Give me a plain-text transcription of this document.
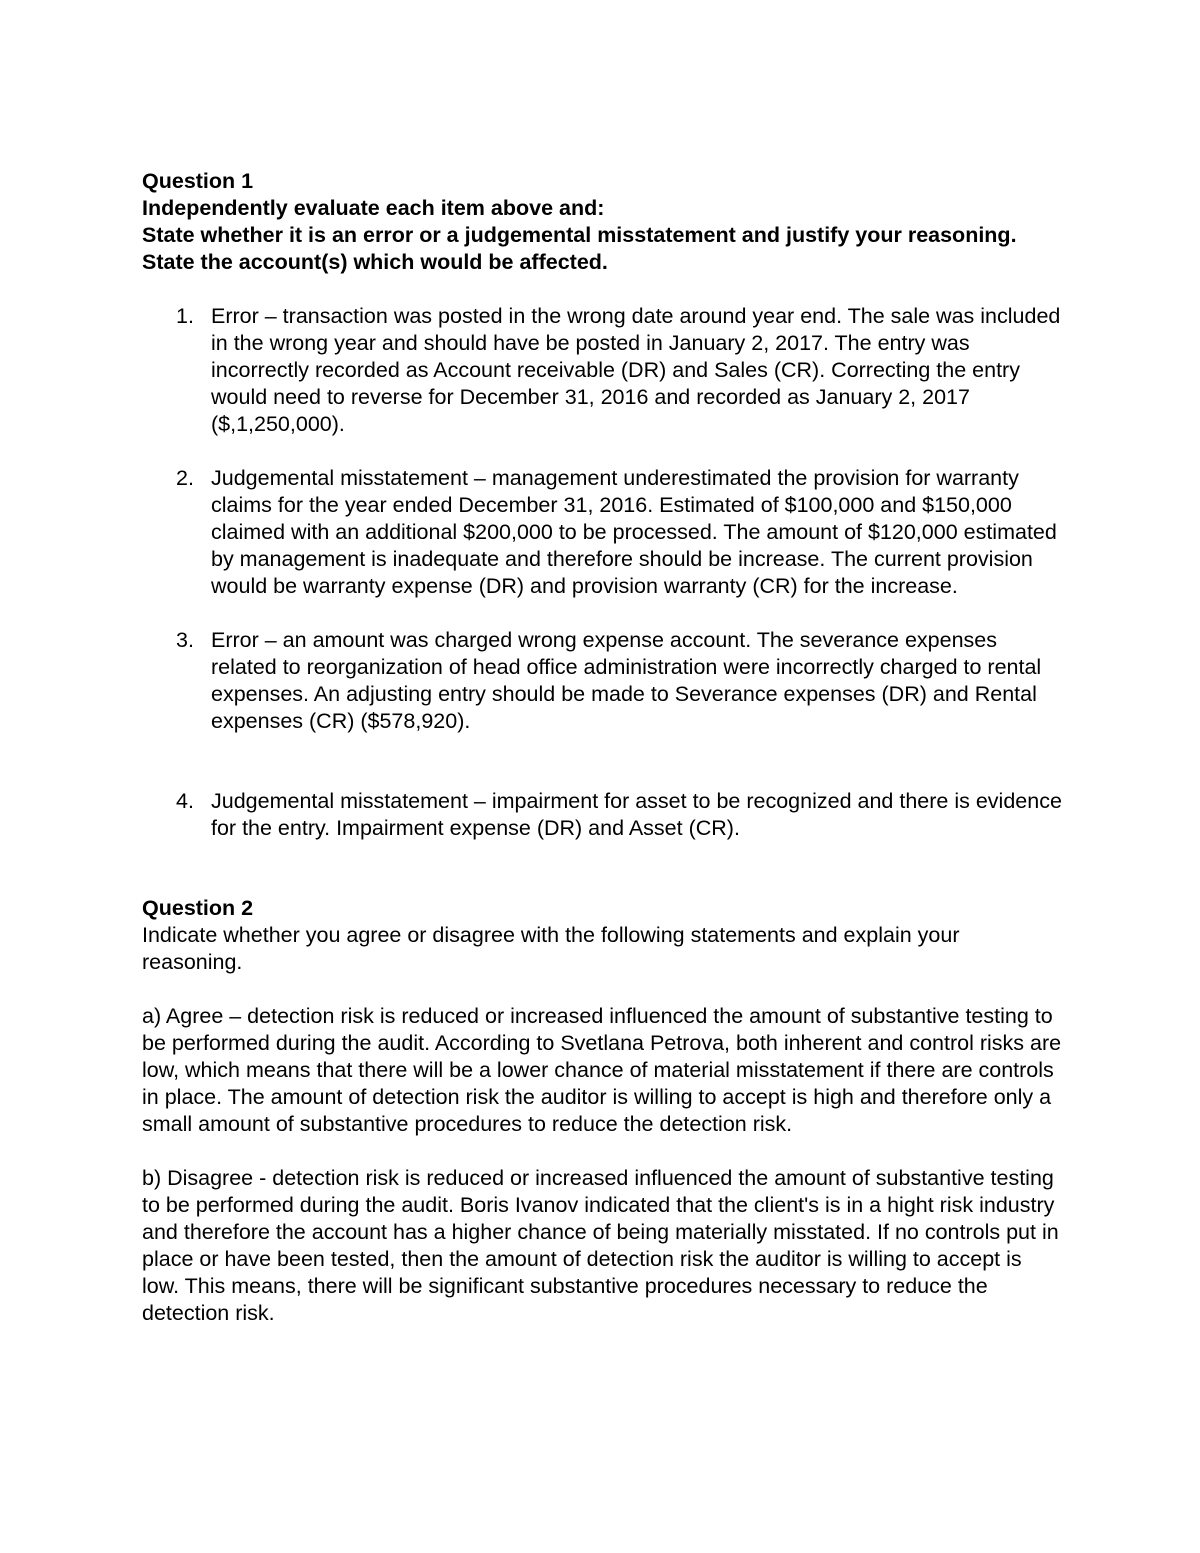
Question 1

Independently evaluate each item above and:

State whether it is an error or a judgemental misstatement and justify your reasoning. State the account(s) which would be affected.

1. Error – transaction was posted in the wrong date around year end. The sale was included in the wrong year and should have be posted in January 2, 2017. The entry was incorrectly recorded as Account receivable (DR) and Sales (CR). Correcting the entry would need to reverse for December 31, 2016 and recorded as January 2, 2017 ($,1,250,000).
2. Judgemental misstatement – management underestimated the provision for warranty claims for the year ended December 31, 2016. Estimated of $100,000 and $150,000 claimed with an additional $200,000 to be processed. The amount of $120,000 estimated by management is inadequate and therefore should be increase. The current provision would be warranty expense (DR) and provision warranty (CR) for the increase.
3. Error – an amount was charged wrong expense account. The severance expenses related to reorganization of head office administration were incorrectly charged to rental expenses. An adjusting entry should be made to Severance expenses (DR) and Rental expenses (CR) ($578,920).
4. Judgemental misstatement – impairment for asset to be recognized and there is evidence for the entry. Impairment expense (DR) and Asset (CR).

Question 2

Indicate whether you agree or disagree with the following statements and explain your reasoning.

a) Agree – detection risk is reduced or increased influenced the amount of substantive testing to be performed during the audit. According to Svetlana Petrova, both inherent and control risks are low, which means that there will be a lower chance of material misstatement if there are controls in place. The amount of detection risk the auditor is willing to accept is high and therefore only a small amount of substantive procedures to reduce the detection risk.

b) Disagree - detection risk is reduced or increased influenced the amount of substantive testing to be performed during the audit. Boris Ivanov indicated that the client's is in a hight risk industry and therefore the account has a higher chance of being materially misstated. If no controls put in place or have been tested, then the amount of detection risk the auditor is willing to accept is low. This means, there will be significant substantive procedures necessary to reduce the detection risk.
